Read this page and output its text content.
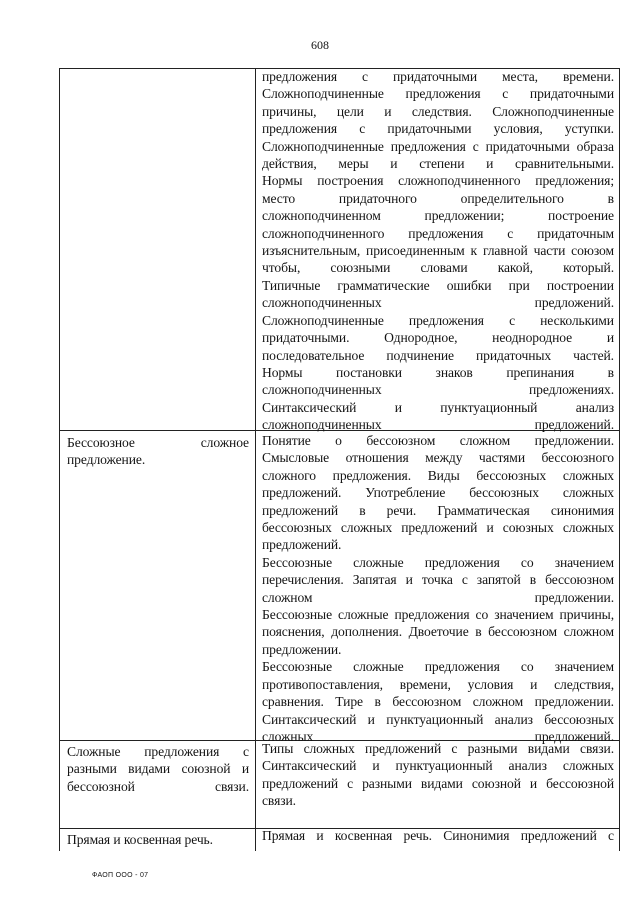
608
предложения с придаточными места, времени.
Сложноподчиненные предложения с придаточными причины, цели и следствия. Сложноподчиненные предложения с придаточными условия, уступки.
Сложноподчиненные предложения с придаточными образа действия, меры и степени и сравнительными.
Нормы построения сложноподчиненного предложения; место придаточного определительного в сложноподчиненном предложении; построение сложноподчиненного предложения с придаточным изъяснительным, присоединенным к главной части союзом чтобы, союзными словами какой, который.
Типичные грамматические ошибки при построении сложноподчиненных предложений.
Сложноподчиненные предложения с несколькими придаточными. Однородное, неоднородное и последовательное подчинение придаточных частей.
Нормы постановки знаков препинания в сложноподчиненных предложениях.
Синтаксический и пунктуационный анализ сложноподчиненных предложений.
Бессоюзное сложное предложение.
Понятие о бессоюзном сложном предложении.
Смысловые отношения между частями бессоюзного сложного предложения. Виды бессоюзных сложных предложений. Употребление бессоюзных сложных предложений в речи. Грамматическая синонимия бессоюзных сложных предложений и союзных сложных предложений.
Бессоюзные сложные предложения со значением перечисления. Запятая и точка с запятой в бессоюзном сложном предложении.
Бессоюзные сложные предложения со значением причины, пояснения, дополнения. Двоеточие в бессоюзном сложном предложении.
Бессоюзные сложные предложения со значением противопоставления, времени, условия и следствия, сравнения. Тире в бессоюзном сложном предложении.
Синтаксический и пунктуационный анализ бессоюзных сложных предложений.
Сложные предложения с разными видами союзной и бессоюзной связи.
Типы сложных предложений с разными видами связи.
Синтаксический и пунктуационный анализ сложных предложений с разными видами союзной и бессоюзной связи.
Прямая и косвенная речь.	Прямая и косвенная речь. Синонимия предложений с
ФАОП ООО - 07
